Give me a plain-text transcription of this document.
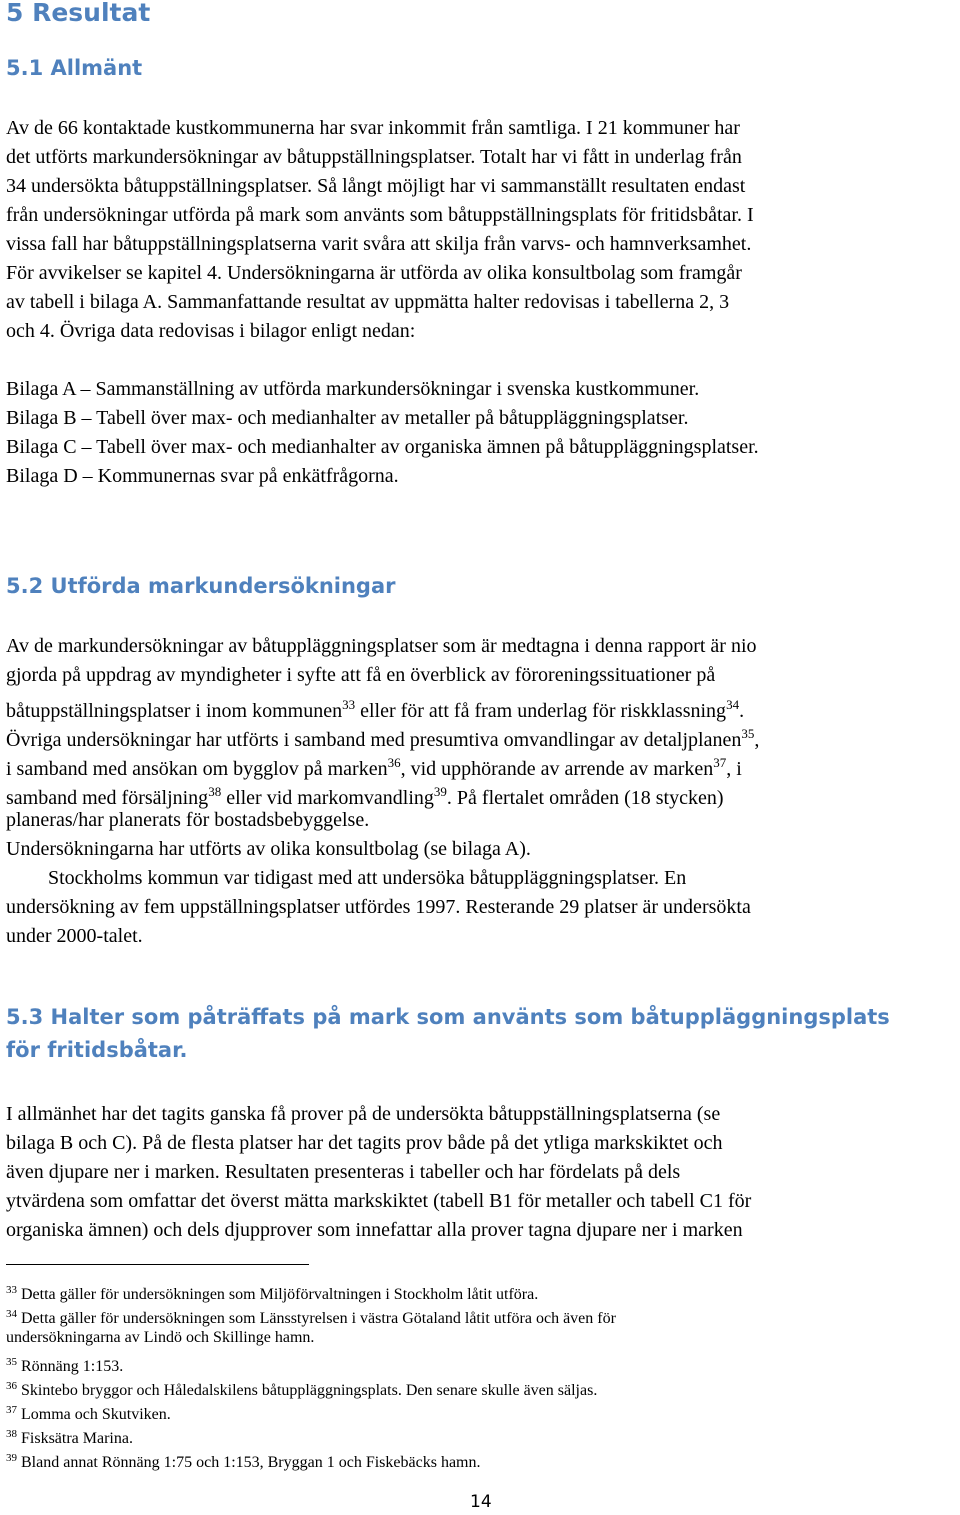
5 Resultat
5.1 Allmänt
Av de 66 kontaktade kustkommunerna har svar inkommit från samtliga. I 21 kommuner har
det utförts markundersökningar av båtuppställningsplatser. Totalt har vi fått in underlag från
34 undersökta båtuppställningsplatser. Så långt möjligt har vi sammanställt resultaten endast
från undersökningar utförda på mark som använts som båtuppställningsplats för fritidsbåtar. I
vissa fall har båtuppställningsplatserna varit svåra att skilja från varvs- och hamnverksamhet.
För avvikelser se kapitel 4. Undersökningarna är utförda av olika konsultbolag som framgår
av tabell i bilaga A. Sammanfattande resultat av uppmätta halter redovisas i tabellerna 2, 3
och 4. Övriga data redovisas i bilagor enligt nedan:
Bilaga A – Sammanställning av utförda markundersökningar i svenska kustkommuner.
Bilaga B – Tabell över max- och medianhalter av metaller på båtuppläggningsplatser.
Bilaga C – Tabell över max- och medianhalter av organiska ämnen på båtuppläggningsplatser.
Bilaga D – Kommunernas svar på enkätfrågorna.
5.2 Utförda markundersökningar
Av de markundersökningar av båtuppläggningsplatser som är medtagna i denna rapport är nio
gjorda på uppdrag av myndigheter i syfte att få en överblick av föroreningssituationer på
båtuppställningsplatser i inom kommunen$^{33}$ eller för att få fram underlag för riskklassning$^{34}$.
Övriga undersökningar har utförts i samband med presumtiva omvandlingar av detaljplanen$^{35}$,
i samband med ansökan om bygglov på marken$^{36}$, vid upphörande av arrende av marken$^{37}$, i
samband med försäljning$^{38}$ eller vid markomvandling$^{39}$. På flertalet områden (18 stycken)
planeras/har planerats för bostadsbebyggelse.
Undersökningarna har utförts av olika konsultbolag (se bilaga A).
Stockholms kommun var tidigast med att undersöka båtuppläggningsplatser. En
undersökning av fem uppställningsplatser utfördes 1997. Resterande 29 platser är undersökta
under 2000-talet.
5.3 Halter som påträffats på mark som använts som båtuppläggningsplats
för fritidsbåtar.
I allmänhet har det tagits ganska få prover på de undersökta båtuppställningsplatserna (se
bilaga B och C). På de flesta platser har det tagits prov både på det ytliga markskiktet och
även djupare ner i marken. Resultaten presenteras i tabeller och har fördelats på dels
ytvärdena som omfattar det överst mätta markskiktet (tabell B1 för metaller och tabell C1 för
organiska ämnen) och dels djupprover som innefattar alla prover tagna djupare ner i marken
$^{33}$ Detta gäller för undersökningen som Miljöförvaltningen i Stockholm låtit utföra.
$^{34}$ Detta gäller för undersökningen som Länsstyrelsen i västra Götaland låtit utföra och även för
undersökningarna av Lindö och Skillinge hamn.
$^{35}$ Rönnäng 1:153.
$^{36}$ Skintebo bryggor och Håledalskilens båtuppläggningsplats. Den senare skulle även säljas.
$^{37}$ Lomma och Skutviken.
$^{38}$ Fisksätra Marina.
$^{39}$ Bland annat Rönnäng 1:75 och 1:153, Bryggan 1 och Fiskebäcks hamn.
14
